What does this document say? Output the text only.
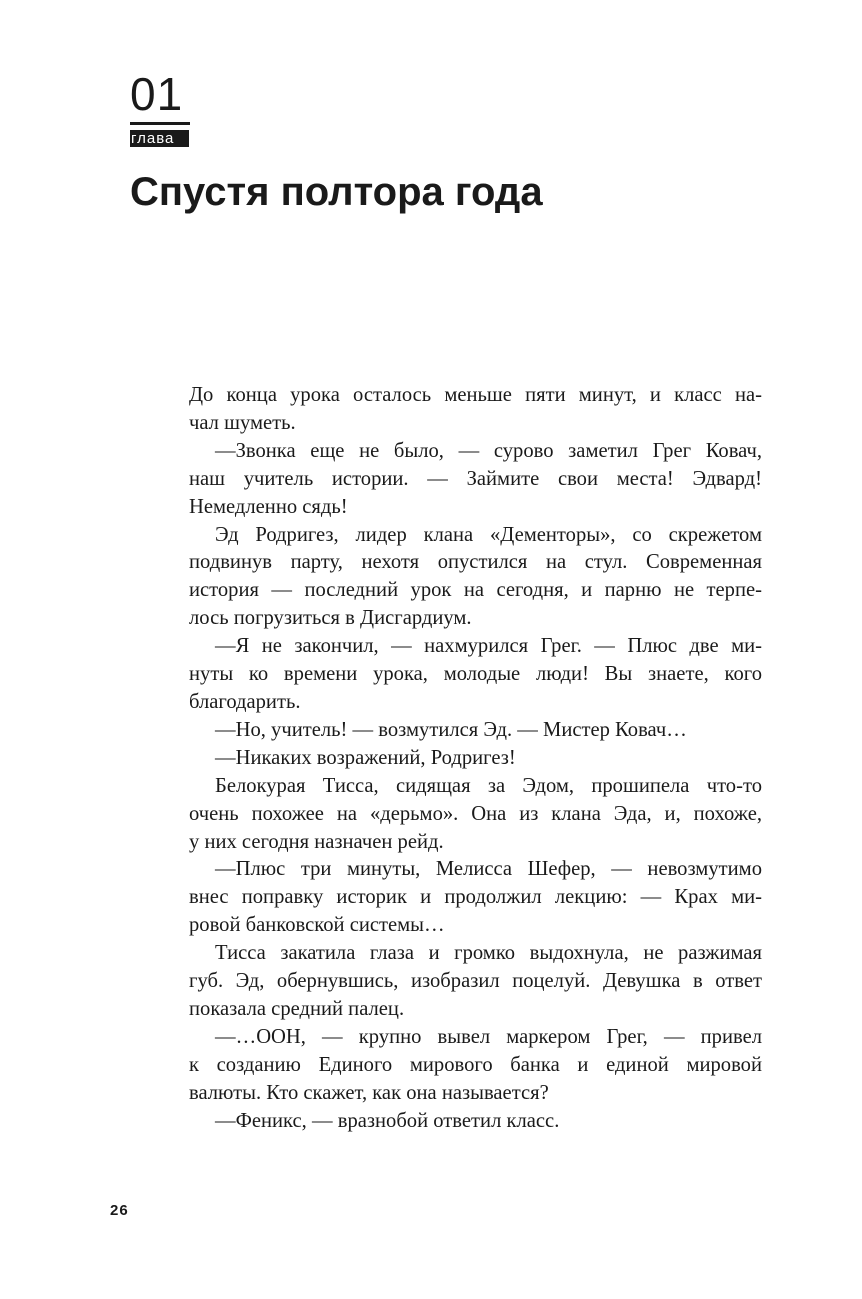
01
глава
Спустя полтора года

До конца урока осталось меньше пяти минут, и класс на-
чал шуметь.

—Звонка еще не было, — сурово заметил Грег Ковач,
наш учитель истории. — Займите свои места! Эдвард!
Немедленно сядь!

Эд Родригез, лидер клана «Дементоры», со скрежетом
подвинув парту, нехотя опустился на стул. Современная
история — последний урок на сегодня, и парню не терпе-
лось погрузиться в Дисгардиум.

—Я не закончил, — нахмурился Грег. — Плюс две ми-
нуты ко времени урока, молодые люди! Вы знаете, кого
благодарить.

—Но, учитель! — возмутился Эд. — Мистер Ковач…

—Никаких возражений, Родригез!

Белокурая Тисса, сидящая за Эдом, прошипела что-то
очень похожее на «дерьмо». Она из клана Эда, и, похоже,
у них сегодня назначен рейд.

—Плюс три минуты, Мелисса Шефер, — невозмутимо
внес поправку историк и продолжил лекцию: — Крах ми-
ровой банковской системы…

Тисса закатила глаза и громко выдохнула, не разжимая
губ. Эд, обернувшись, изобразил поцелуй. Девушка в ответ
показала средний палец.

—…ООН, — крупно вывел маркером Грег, — привел
к созданию Единого мирового банка и единой мировой
валюты. Кто скажет, как она называется?

—Феникс, — вразнобой ответил класс.

26
